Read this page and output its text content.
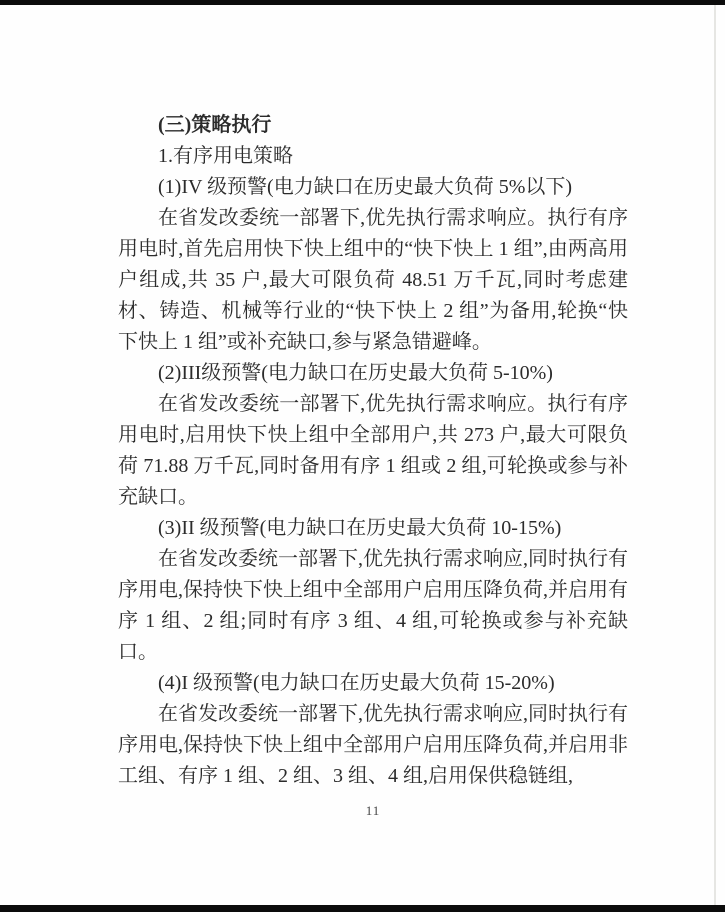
(三)策略执行
1.有序用电策略
(1)IV 级预警(电力缺口在历史最大负荷 5%以下)

在省发改委统一部署下,优先执行需求响应。执行有序用电时,首先启用快下快上组中的“快下快上 1 组”,由两高用户组成,共 35 户,最大可限负荷 48.51 万千瓦,同时考虑建材、铸造、机械等行业的“快下快上 2 组”为备用,轮换“快下快上 1 组”或补充缺口,参与紧急错避峰。

(2)III级预警(电力缺口在历史最大负荷 5-10%)

在省发改委统一部署下,优先执行需求响应。执行有序用电时,启用快下快上组中全部用户,共 273 户,最大可限负荷 71.88 万千瓦,同时备用有序 1 组或 2 组,可轮换或参与补充缺口。

(3)II 级预警(电力缺口在历史最大负荷 10-15%)

在省发改委统一部署下,优先执行需求响应,同时执行有序用电,保持快下快上组中全部用户启用压降负荷,并启用有序 1 组、2 组;同时有序 3 组、4 组,可轮换或参与补充缺口。

(4)I 级预警(电力缺口在历史最大负荷 15-20%)

在省发改委统一部署下,优先执行需求响应,同时执行有序用电,保持快下快上组中全部用户启用压降负荷,并启用非工组、有序 1 组、2 组、3 组、4 组,启用保供稳链组,

11
